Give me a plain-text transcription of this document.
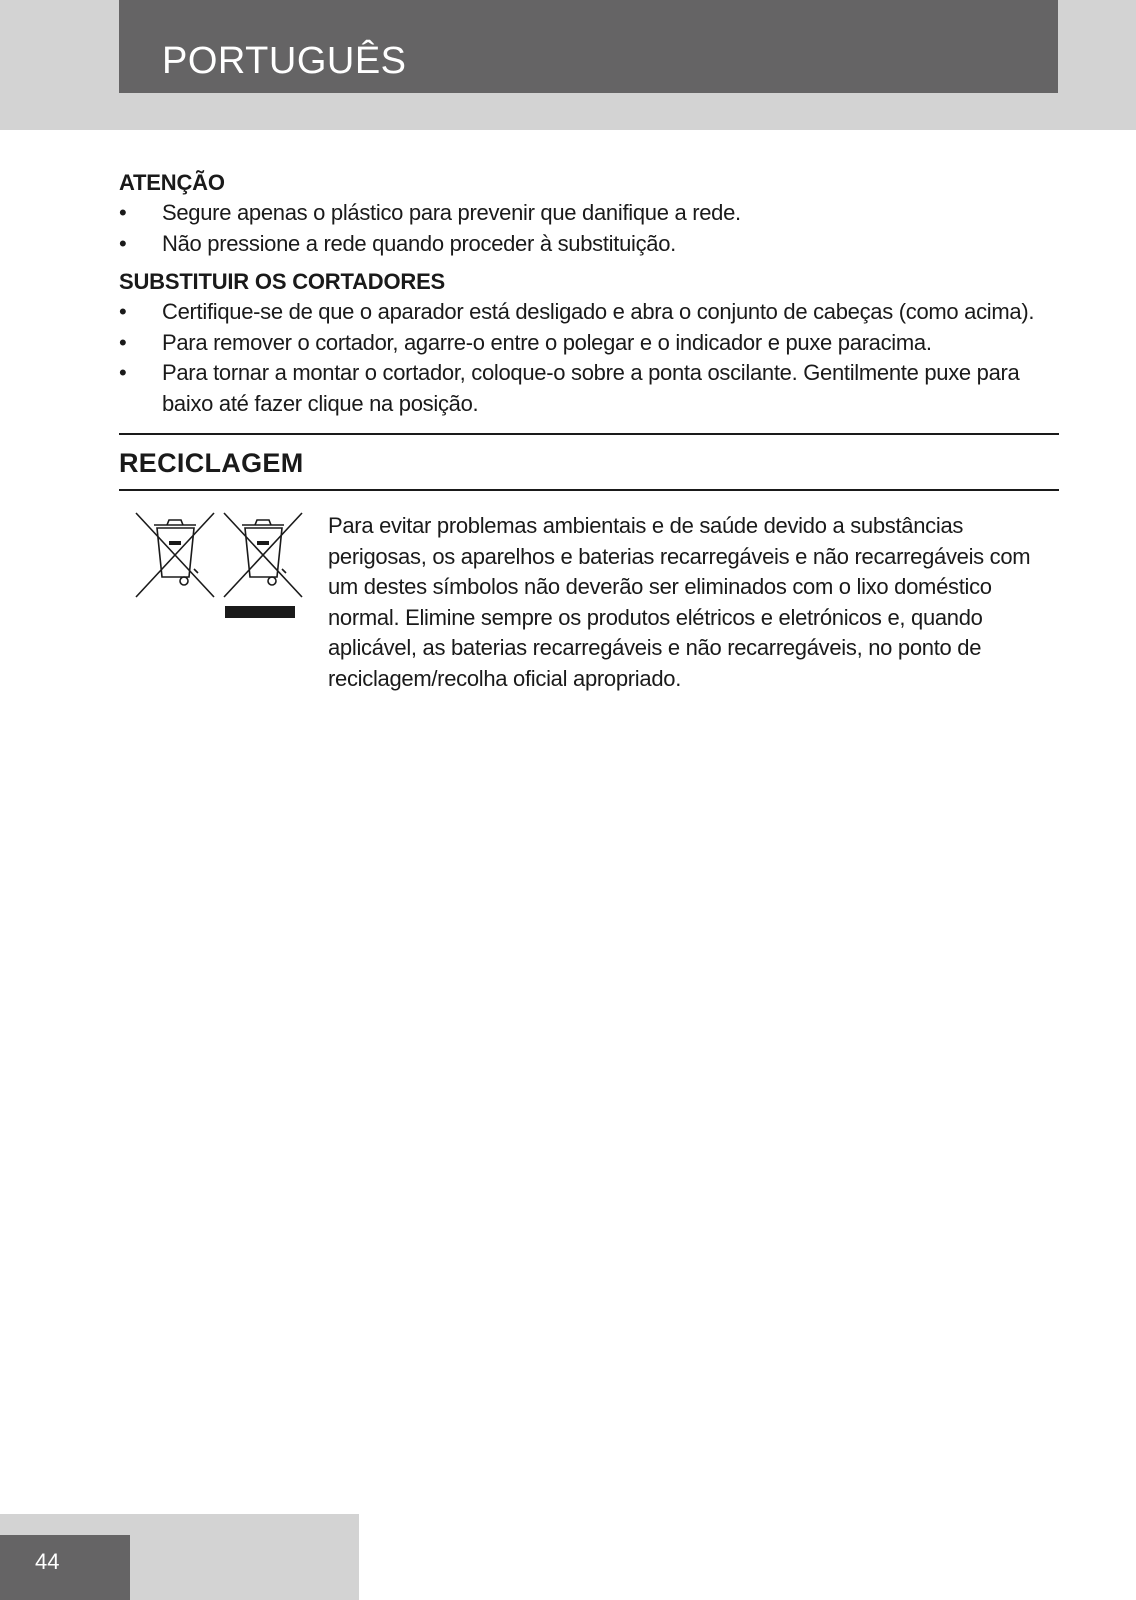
PORTUGUÊS
ATENÇÃO
• Segure apenas o plástico para prevenir que danifique a rede.
• Não pressione a rede quando proceder à substituição.
SUBSTITUIR OS CORTADORES
• Certifique-se de que o aparador está desligado e abra o conjunto de cabeças (como acima).
• Para remover o cortador, agarre-o entre o polegar e o indicador e puxe paracima.
• Para tornar a montar o cortador, coloque-o sobre a ponta oscilante. Gentilmente puxe para baixo até fazer clique na posição.
RECICLAGEM

Para evitar problemas ambientais e de saúde devido a substâncias perigosas, os aparelhos e baterias recarregáveis e não recarregáveis com um destes símbolos não deverão ser eliminados com o lixo doméstico normal. Elimine sempre os produtos elétricos e eletrónicos e, quando aplicável, as baterias recarregáveis e não recarregáveis, no ponto de reciclagem/recolha oficial apropriado.

44
